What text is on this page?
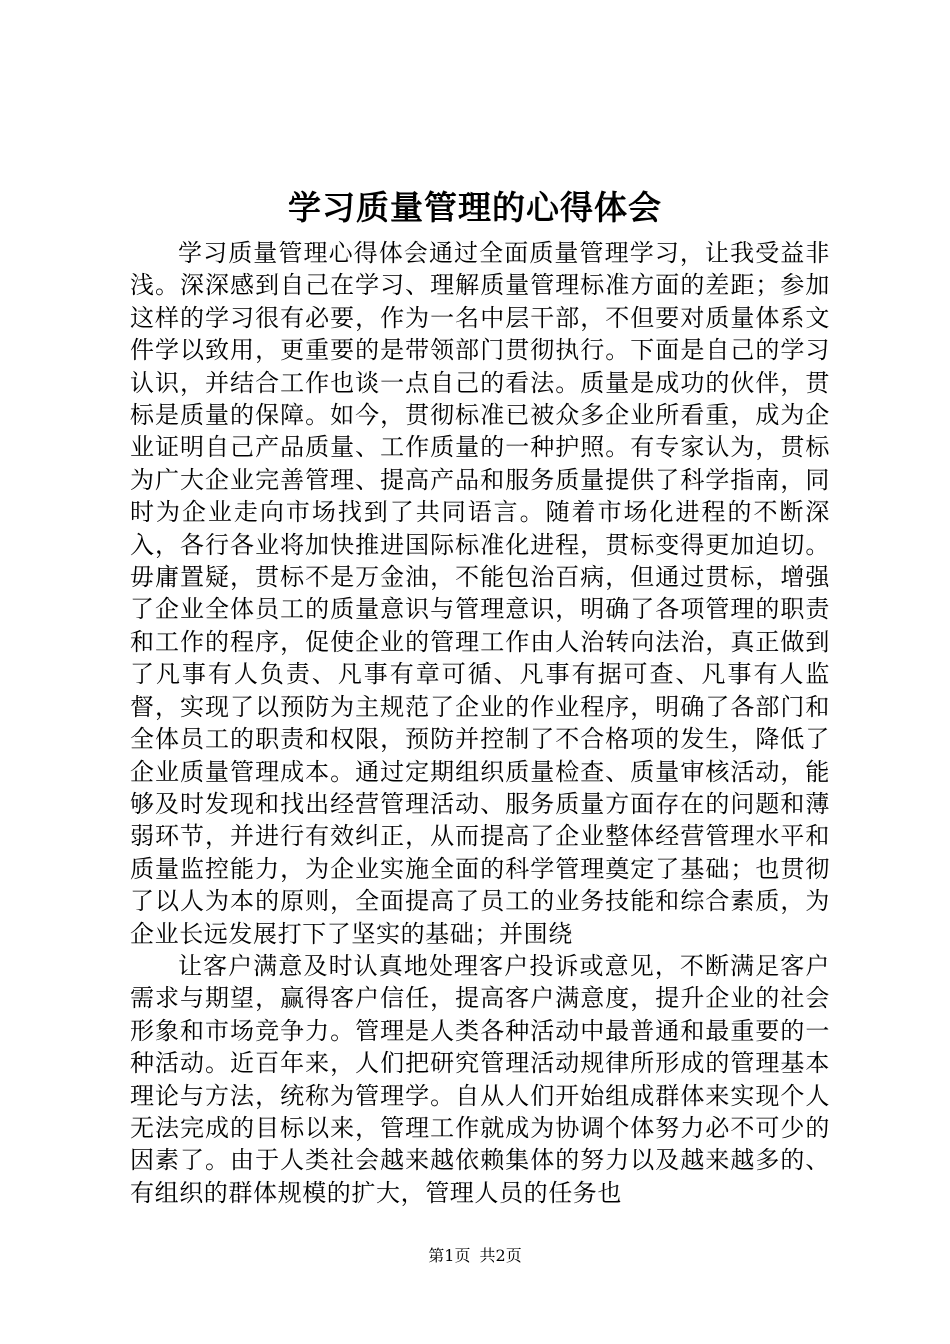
学习质量管理的心得体会

学习质量管理心得体会通过全面质量管理学习，让我受益非浅。深深感到自己在学习、理解质量管理标准方面的差距；参加这样的学习很有必要，作为一名中层干部，不但要对质量体系文件学以致用，更重要的是带领部门贯彻执行。下面是自己的学习认识，并结合工作也谈一点自己的看法。质量是成功的伙伴，贯标是质量的保障。如今，贯彻标准已被众多企业所看重，成为企业证明自己产品质量、工作质量的一种护照。有专家认为，贯标为广大企业完善管理、提高产品和服务质量提供了科学指南，同时为企业走向市场找到了共同语言。随着市场化进程的不断深入，各行各业将加快推进国际标准化进程，贯标变得更加迫切。毋庸置疑，贯标不是万金油，不能包治百病，但通过贯标，增强了企业全体员工的质量意识与管理意识，明确了各项管理的职责和工作的程序，促使企业的管理工作由人治转向法治，真正做到了凡事有人负责、凡事有章可循、凡事有据可查、凡事有人监督，实现了以预防为主规范了企业的作业程序，明确了各部门和全体员工的职责和权限，预防并控制了不合格项的发生，降低了企业质量管理成本。通过定期组织质量检查、质量审核活动，能够及时发现和找出经营管理活动、服务质量方面存在的问题和薄弱环节，并进行有效纠正，从而提高了企业整体经营管理水平和质量监控能力，为企业实施全面的科学管理奠定了基础；也贯彻了以人为本的原则，全面提高了员工的业务技能和综合素质，为企业长远发展打下了坚实的基础；并围绕

让客户满意及时认真地处理客户投诉或意见，不断满足客户需求与期望，赢得客户信任，提高客户满意度，提升企业的社会形象和市场竞争力。管理是人类各种活动中最普通和最重要的一种活动。近百年来，人们把研究管理活动规律所形成的管理基本理论与方法，统称为管理学。自从人们开始组成群体来实现个人无法完成的目标以来，管理工作就成为协调个体努力必不可少的因素了。由于人类社会越来越依赖集体的努力以及越来越多的、有组织的群体规模的扩大，管理人员的任务也

第1页 共2页
